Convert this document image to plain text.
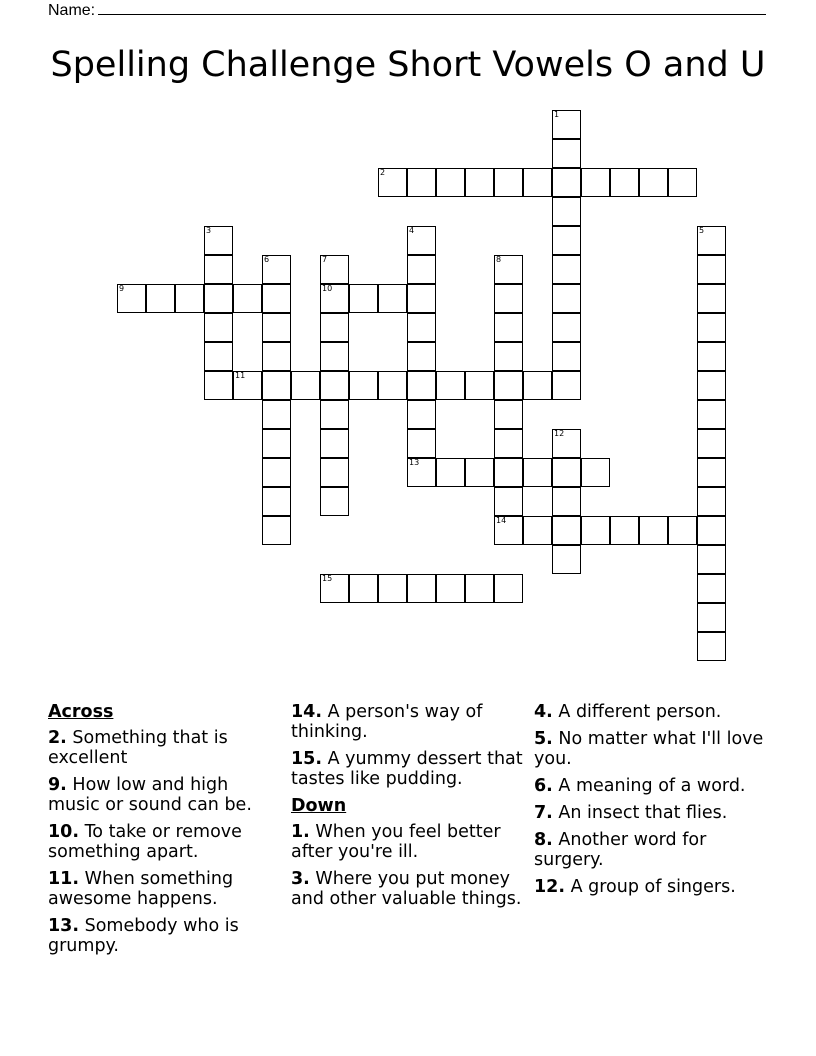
Name:
Spelling Challenge Short Vowels O and U
1
2
3	4	5
6	7
10
8
9
11
12
13
14
15
Across
2. Something that is excellent
9. How low and high music or sound can be.
10. To take or remove something apart.
11. When something awesome happens.
13. Somebody who is grumpy.
14. A person's way of thinking.
15. A yummy dessert that tastes like pudding.
Down
1. When you feel better after you're ill.
3. Where you put money and other valuable things.
4. A different person.
5. No matter what I'll love you.
6. A meaning of a word.
7. An insect that flies.
8. Another word for surgery.
12. A group of singers.
